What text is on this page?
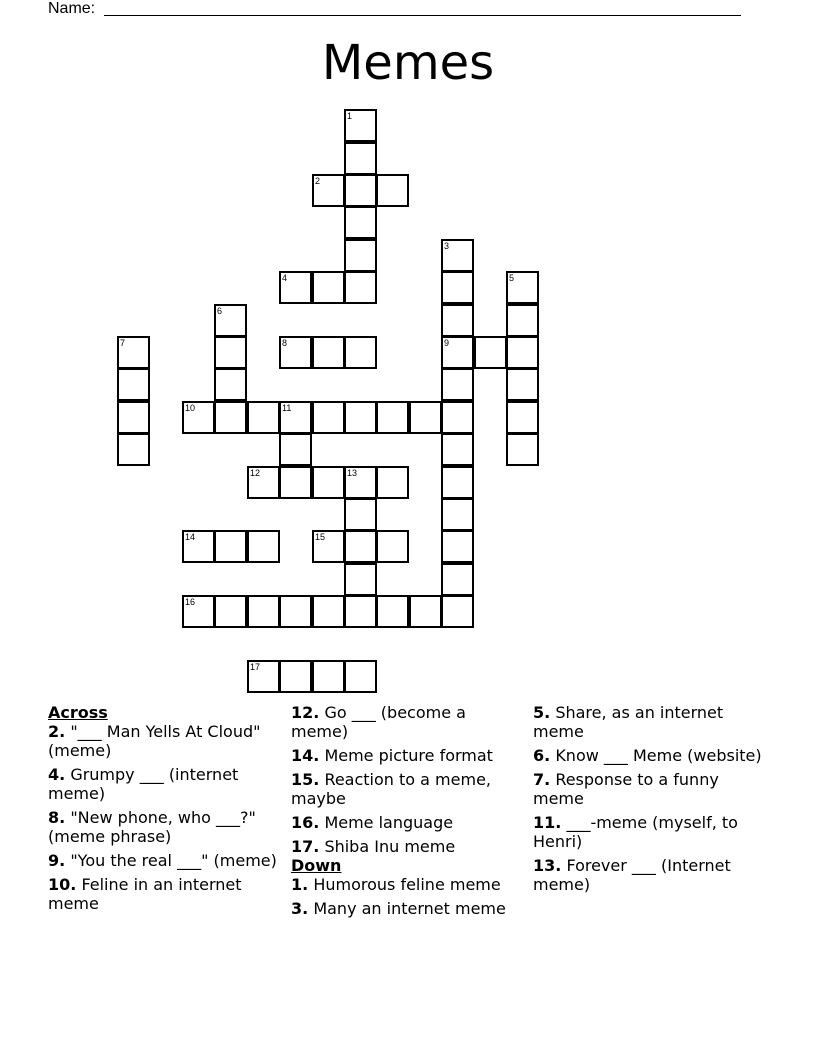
Name:
Memes
1
2
3
9
4	5
6
7	8
10	11
12	13
14	15
16
17
Across
2. "___ Man Yells At Cloud" (meme)
4. Grumpy ___ (internet meme)
8. "New phone, who ___?" (meme phrase)
9. "You the real ___" (meme)
10. Feline in an internet meme
12. Go ___ (become a meme)
14. Meme picture format
15. Reaction to a meme, maybe
16. Meme language
17. Shiba Inu meme
Down
1. Humorous feline meme
3. Many an internet meme
5. Share, as an internet meme
6. Know ___ Meme (website)
7. Response to a funny meme
11. ___-meme (myself, to Henri)
13. Forever ___ (Internet meme)
